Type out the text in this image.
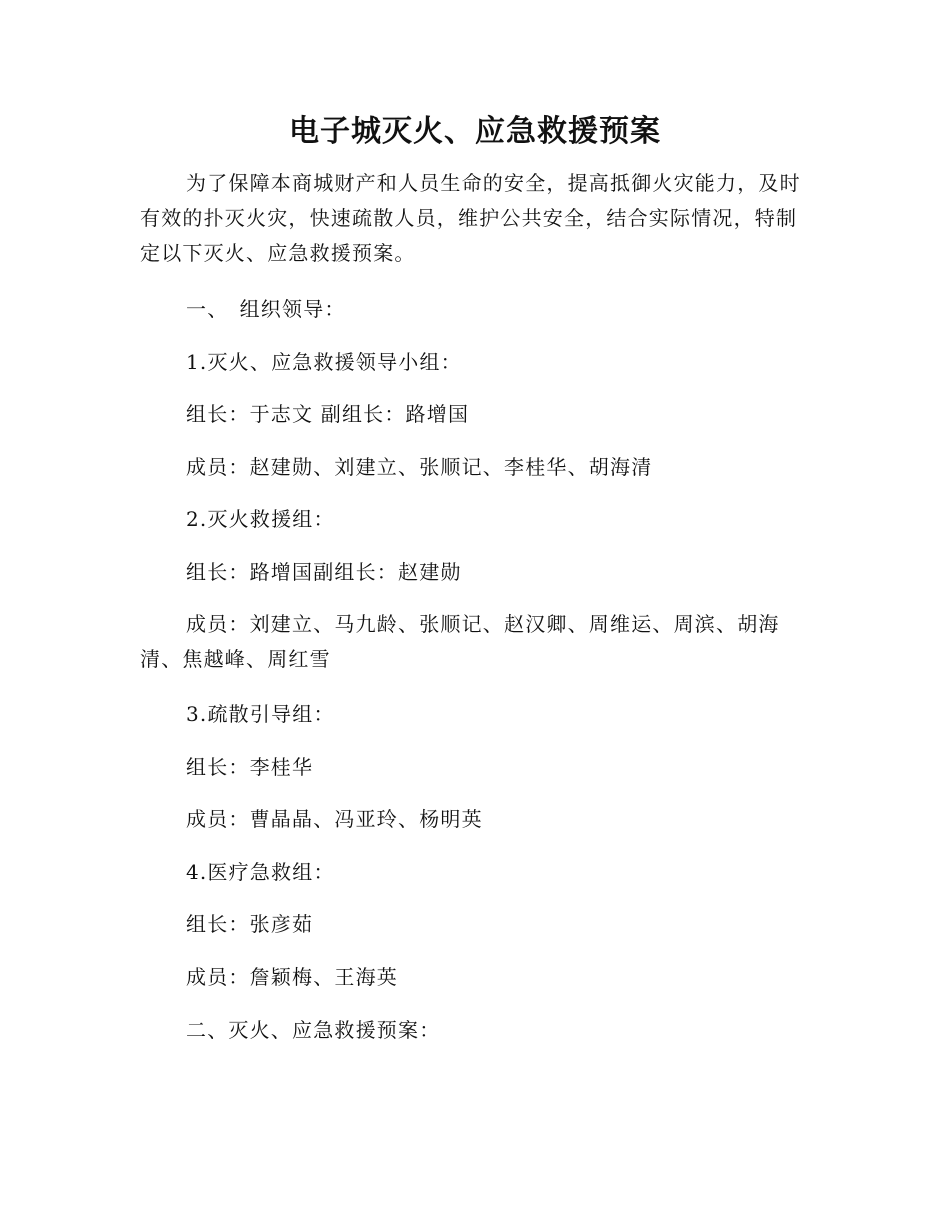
电子城灭火、应急救援预案

为了保障本商城财产和人员生命的安全，提高抵御火灾能力，及时有效的扑灭火灾，快速疏散人员，维护公共安全，结合实际情况，特制定以下灭火、应急救援预案。

一、　组织领导：

1.灭火、应急救援领导小组：

组长：于志文 副组长：路增国

成员：赵建勋、刘建立、张顺记、李桂华、胡海清

2.灭火救援组：

组长：路增国副组长：赵建勋

成员：刘建立、马九龄、张顺记、赵汉卿、周维运、周滨、胡海清、焦越峰、周红雪

3.疏散引导组：

组长：李桂华

成员：曹晶晶、冯亚玲、杨明英

4.医疗急救组：

组长：张彦茹

成员：詹颖梅、王海英

二、灭火、应急救援预案：
